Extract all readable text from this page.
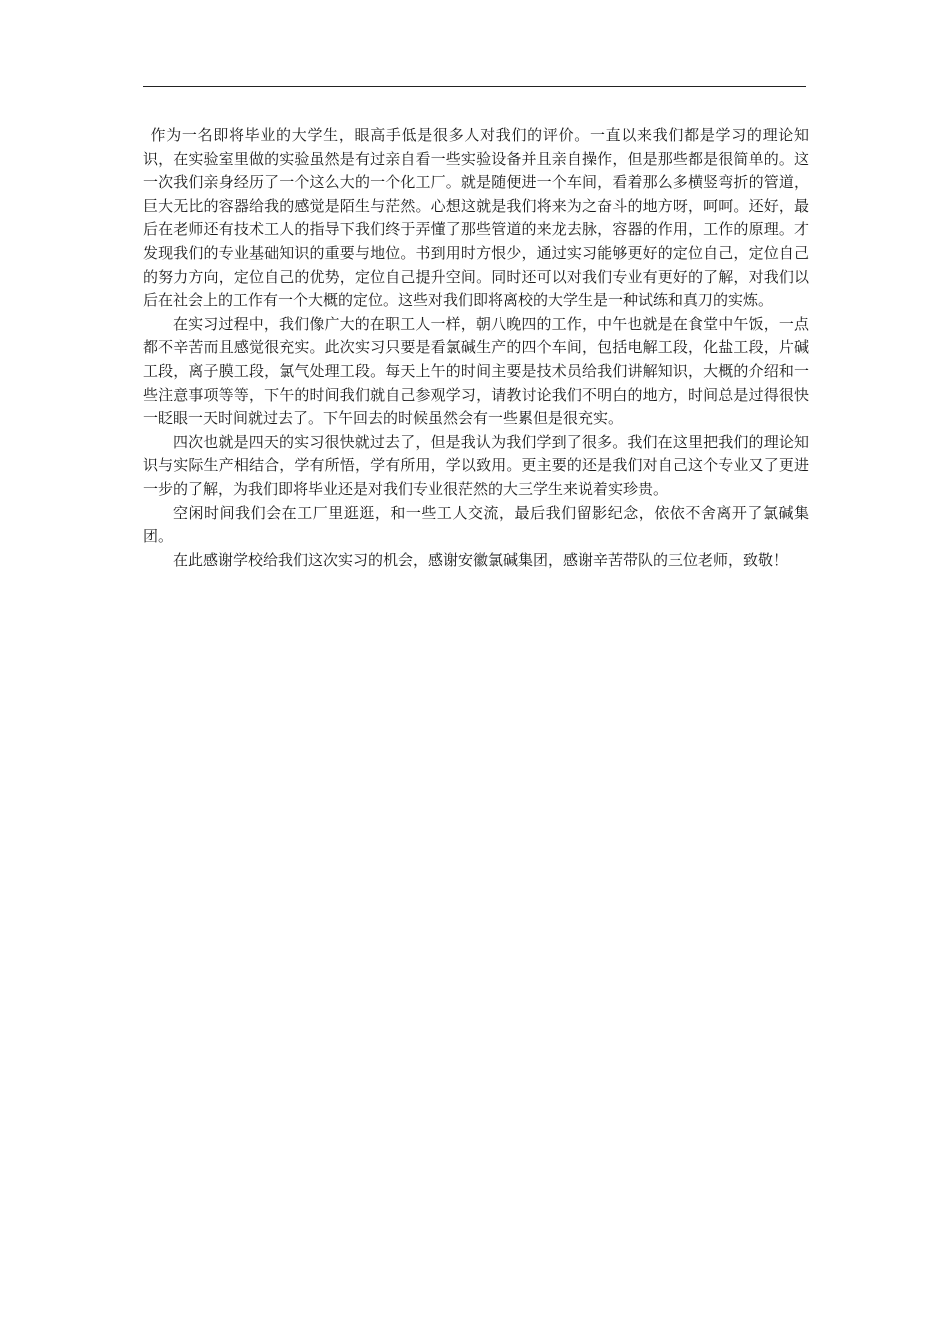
作为一名即将毕业的大学生，眼高手低是很多人对我们的评价。一直以来我们都是学习的理论知识，在实验室里做的实验虽然是有过亲自看一些实验设备并且亲自操作，但是那些都是很简单的。这一次我们亲身经历了一个这么大的一个化工厂。就是随便进一个车间，看着那么多横竖弯折的管道，巨大无比的容器给我的感觉是陌生与茫然。心想这就是我们将来为之奋斗的地方呀，呵呵。还好，最后在老师还有技术工人的指导下我们终于弄懂了那些管道的来龙去脉，容器的作用，工作的原理。才发现我们的专业基础知识的重要与地位。书到用时方恨少，通过实习能够更好的定位自己，定位自己的努力方向，定位自己的优势，定位自己提升空间。同时还可以对我们专业有更好的了解，对我们以后在社会上的工作有一个大概的定位。这些对我们即将离校的大学生是一种试练和真刀的实炼。

在实习过程中，我们像广大的在职工人一样，朝八晚四的工作，中午也就是在食堂中午饭，一点都不辛苦而且感觉很充实。此次实习只要是看氯碱生产的四个车间，包括电解工段，化盐工段，片碱工段，离子膜工段，氯气处理工段。每天上午的时间主要是技术员给我们讲解知识，大概的介绍和一些注意事项等等，下午的时间我们就自己参观学习，请教讨论我们不明白的地方，时间总是过得很快一眨眼一天时间就过去了。下午回去的时候虽然会有一些累但是很充实。

四次也就是四天的实习很快就过去了，但是我认为我们学到了很多。我们在这里把我们的理论知识与实际生产相结合，学有所悟，学有所用，学以致用。更主要的还是我们对自己这个专业又了更进一步的了解，为我们即将毕业还是对我们专业很茫然的大三学生来说着实珍贵。

空闲时间我们会在工厂里逛逛，和一些工人交流，最后我们留影纪念，依依不舍离开了氯碱集团。

在此感谢学校给我们这次实习的机会，感谢安徽氯碱集团，感谢辛苦带队的三位老师，致敬！
